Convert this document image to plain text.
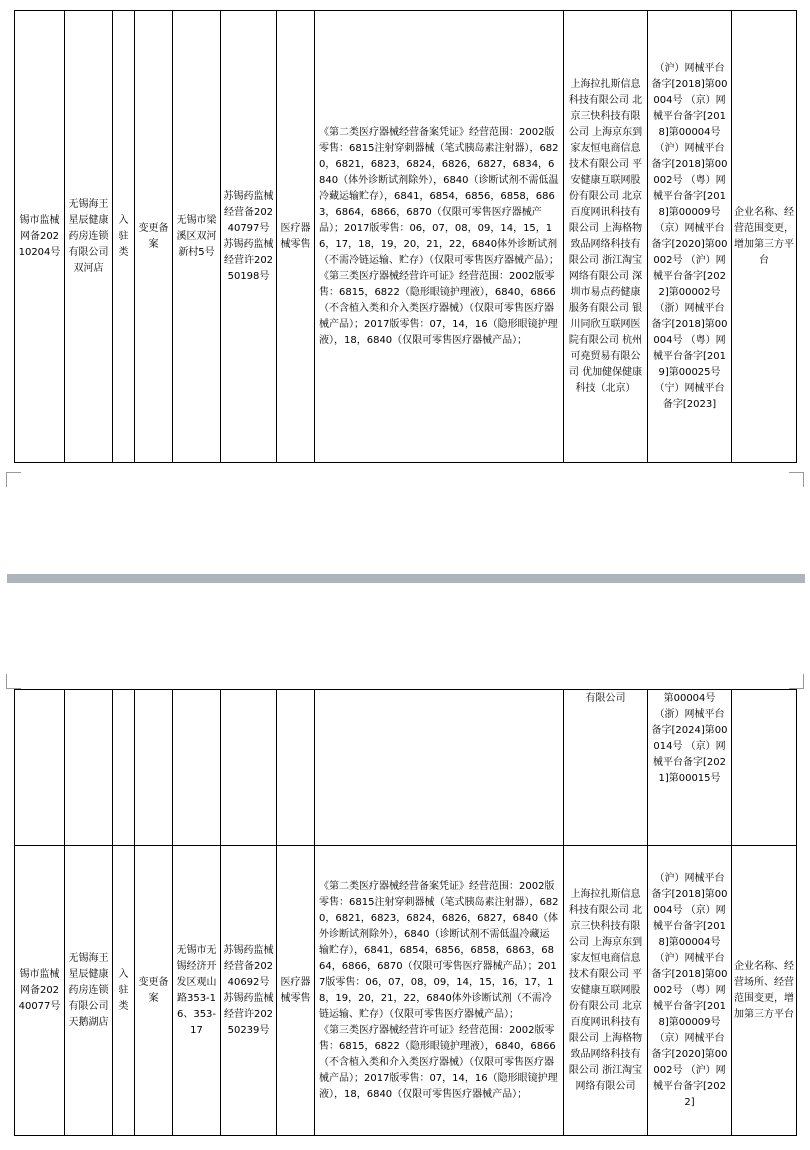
锡市监械网备20210204号	无锡海王星辰健康药房连锁有限公司双河店	入驻类	变更备案	无锡市梁溪区双河新村5号	苏锡药监械经营备20240797号 苏锡药监械经营许20250198号	医疗器械零售	
《第二类医疗器械经营备案凭证》经营范围：2002版零售：6815注射穿刺器械（笔式胰岛素注射器），6820，6821，6823，6824，6826，6827，6834，6840（体外诊断试剂除外），6840（诊断试剂不需低温冷藏运输贮存），6841，6854，6856，6858，6863，6864，6866，6870（仅限可零售医疗器械产品）；2017版零售：06，07，08，09，14，15，16，17，18，19，20，21，22，6840体外诊断试剂（不需冷链运输、贮存）（仅限可零售医疗器械产品）；
《第三类医疗器械经营许可证》经营范围：2002版零售：6815，6822（隐形眼镜护理液），6840，6866（不含植入类和介入类医疗器械）（仅限可零售医疗器械产品）；2017版零售：07，14，16（隐形眼镜护理液），18，6840（仅限可零售医疗器械产品）；
	上海拉扎斯信息科技有限公司 北京三快科技有限公司 上海京东到家友恒电商信息技术有限公司 平安健康互联网股份有限公司 北京百度网讯科技有限公司 上海格物致品网络科技有限公司 浙江淘宝网络有限公司 深圳市易点药健康服务有限公司 银川同欣互联网医院有限公司 杭州可堯贸易有限公司 优加健保健康科技（北京）	（沪）网械平台备字[2018]第00004号 （京）网械平台备字[2018]第00004号 （沪）网械平台备字[2018]第00002号 （粤）网械平台备字[2018]第00009号 （京）网械平台备字[2020]第00002号 （沪）网械平台备字[2022]第00002号 （浙）网械平台备字[2018]第00004号 （粤）网械平台备字[2019]第00025号 （宁）网械平台备字[2023]	企业名称、经营范围变更，增加第三方平台
								有限公司	第00004号 （浙）网械平台备字[2024]第00014号 （京）网械平台备字[2021]第00015号	
锡市监械网备20240077号	无锡海王星辰健康药房连锁有限公司天鹅湖店	入驻类	变更备案	无锡市无锡经济开发区观山路353-16、353-17	苏锡药监械经营备20240692号 苏锡药监械经营许20250239号	医疗器械零售	《第二类医疗器械经营备案凭证》经营范围：2002版零售：6815注射穿刺器械（笔式胰岛素注射器），6820，6821，6823，6824，6826，6827，6840（体外诊断试剂除外），6840（诊断试剂不需低温冷藏运输贮存），6841，6854，6856，6858，6863，6864，6866，6870（仅限可零售医疗器械产品）；2017版零售：06，07，08，09，14，15，16，17，18，19，20，21，22，6840体外诊断试剂（不需冷链运输、贮存）（仅限可零售医疗器械产品）；
《第三类医疗器械经营许可证》经营范围：2002版零售：6815，6822（隐形眼镜护理液），6840，6866（不含植入类和介入类医疗器械）（仅限可零售医疗器械产品）；2017版零售：07，14，16（隐形眼镜护理液），18，6840（仅限可零售医疗器械产品）；	上海拉扎斯信息科技有限公司 北京三快科技有限公司 上海京东到家友恒电商信息技术有限公司 平安健康互联网股份有限公司 北京百度网讯科技有限公司 上海格物致品网络科技有限公司 浙江淘宝网络有限公司	（沪）网械平台备字[2018]第00004号 （京）网械平台备字[2018]第00004号 （沪）网械平台备字[2018]第00002号 （粤）网械平台备字[2018]第00009号 （京）网械平台备字[2020]第00002号 （沪）网械平台备字[2022]	企业名称、经营场所、经营范围变更，增加第三方平台
